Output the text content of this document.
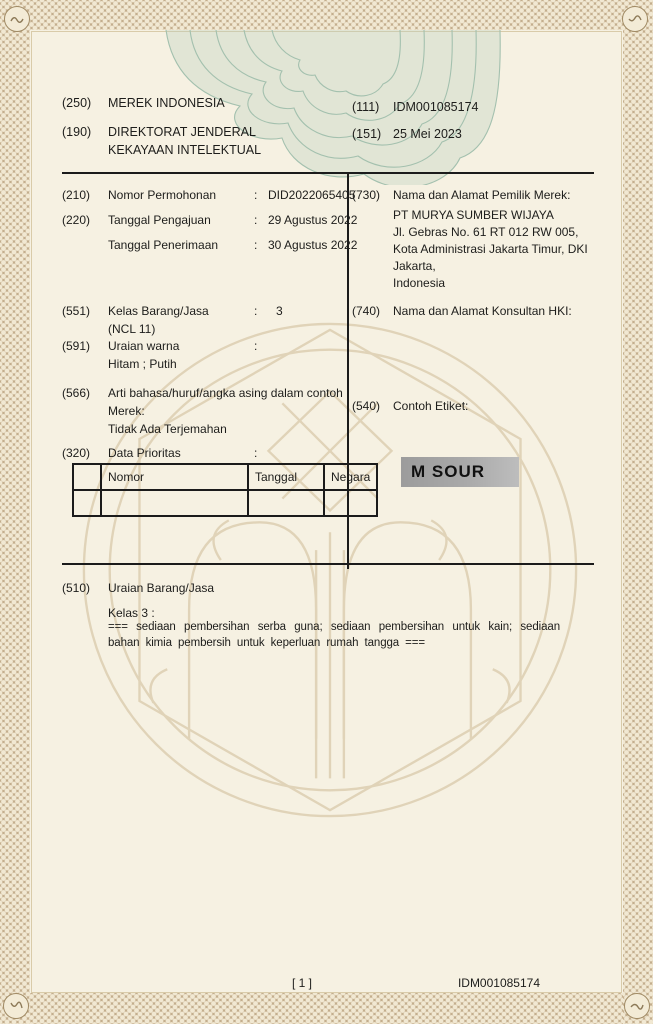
(250)	MEREK INDONESIA
(190)	DIREKTORAT JENDERAL
KEKAYAAN INTELEKTUAL
(111)	IDM001085174
(151) 25 Mei 2023
(210)	Nomor Permohonan	: DID2022065405
(220)	Tanggal Pengajuan	: 29 Agustus 2022
Tanggal Penerimaan	: 30 Agustus 2022
(551)	Kelas Barang/Jasa	:	3
(NCL 11)
(591)	Uraian warna	:
Hitam ; Putih
(566)	Arti bahasa/huruf/angka asing dalam contoh
Merek:
Tidak Ada Terjemahan
(320)	Data Prioritas	:
	Nomor	Tanggal	Negara

(730)	Nama dan Alamat Pemilik Merek:
PT MURYA SUMBER WIJAYA
Jl. Gebras No. 61 RT 012 RW 005,
Kota Administrasi Jakarta Timur, DKI
Jakarta,
Indonesia
(740)	Nama dan Alamat Konsultan HKI:
(540)	Contoh Etiket:
M SOUR
(510)	Uraian Barang/Jasa
Kelas 3 :
=== sediaan pembersihan serba guna; sediaan pembersihan untuk kain; sediaan bahan kimia pembersih untuk keperluan rumah tangga ===
[ 1 ]	IDM001085174
